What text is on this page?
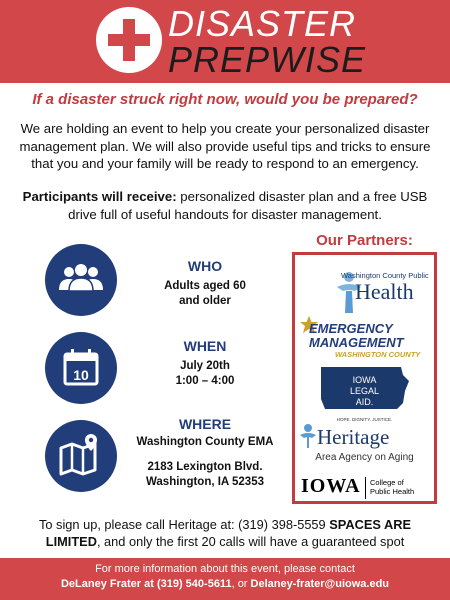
DISASTER
PREPWISE
If a disaster struck right now, would you be prepared?
We are holding an event to help you create your personalized disaster management plan. We will also provide useful tips and tricks to ensure that you and your family will be ready to respond to an emergency.
Participants will receive: personalized disaster plan and a free USB drive full of useful handouts for disaster management.
WHO
Adults aged 60
and older
10
WHEN
July 20th
1:00 – 4:00
WHERE
Washington County EMA
2183 Lexington Blvd.
Washington, IA 52353
Our Partners:
Washington County Public
Health
EMERGENCY
MANAGEMENT
WASHINGTON COUNTY
IOWA
LEGAL
AID.
HOPE. DIGNITY. JUSTICE.
Heritage
Area Agency on Aging
IOWA College of
Public Health
To sign up, please call Heritage at: (319) 398-5559 SPACES ARE LIMITED, and only the first 20 calls will have a guaranteed spot
For more information about this event, please contact
DeLaney Frater at (319) 540-5611, or Delaney-frater@uiowa.edu
